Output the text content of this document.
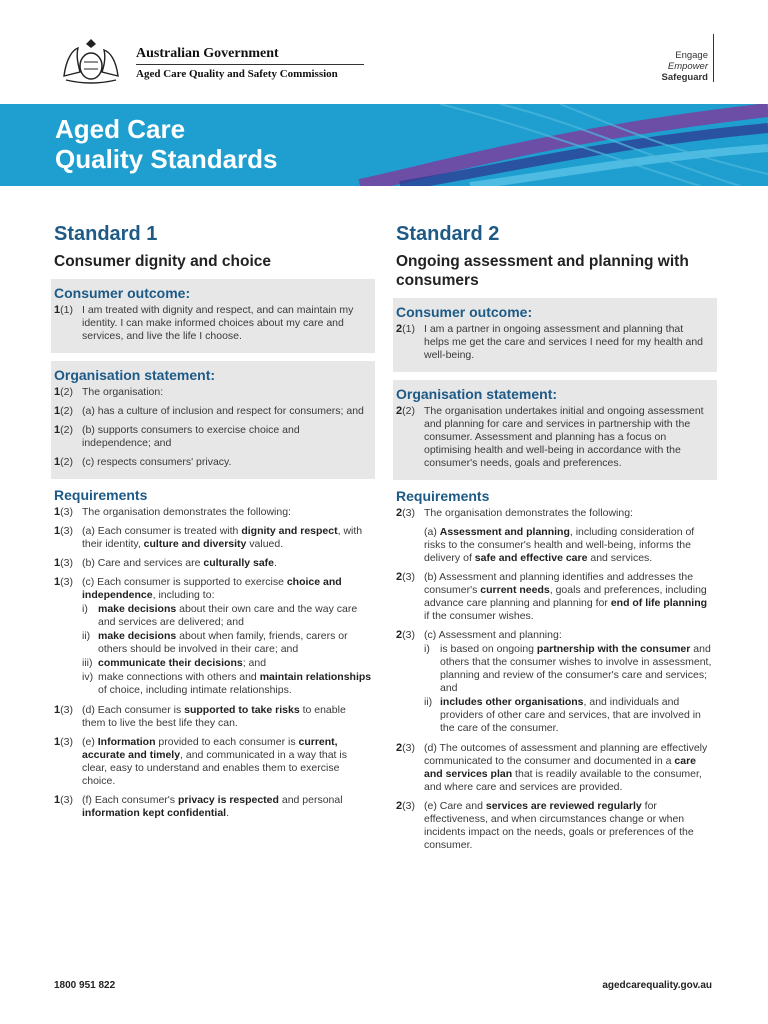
Australian Government
Aged Care Quality and Safety Commission
Engage
Empower
Safeguard
Aged Care
Quality Standards
Standard 1
Consumer dignity and choice
Consumer outcome:
1(1) I am treated with dignity and respect, and can maintain my identity. I can make informed choices about my care and services, and live the life I choose.
Organisation statement:
1(2) The organisation:
1(2) (a) has a culture of inclusion and respect for consumers; and
1(2) (b) supports consumers to exercise choice and independence; and
1(2) (c) respects consumers' privacy.
Requirements
1(3) The organisation demonstrates the following:
1(3) (a) Each consumer is treated with dignity and respect, with their identity, culture and diversity valued.
1(3) (b) Care and services are culturally safe.
1(3) (c) Each consumer is supported to exercise choice and independence, including to:
i) make decisions about their own care and the way care and services are delivered; and
ii) make decisions about when family, friends, carers or others should be involved in their care; and
iii) communicate their decisions; and
iv) make connections with others and maintain relationships of choice, including intimate relationships.
1(3) (d) Each consumer is supported to take risks to enable them to live the best life they can.
1(3) (e) Information provided to each consumer is current, accurate and timely, and communicated in a way that is clear, easy to understand and enables them to exercise choice.
1(3) (f) Each consumer's privacy is respected and personal information kept confidential.
Standard 2
Ongoing assessment and planning with consumers
Consumer outcome:
2(1) I am a partner in ongoing assessment and planning that helps me get the care and services I need for my health and well-being.
Organisation statement:
2(2) The organisation undertakes initial and ongoing assessment and planning for care and services in partnership with the consumer. Assessment and planning has a focus on optimising health and well-being in accordance with the consumer's needs, goals and preferences.
Requirements
2(3) The organisation demonstrates the following:
(a) Assessment and planning, including consideration of risks to the consumer's health and well-being, informs the delivery of safe and effective care and services.
2(3) (b) Assessment and planning identifies and addresses the consumer's current needs, goals and preferences, including advance care planning and planning for end of life planning if the consumer wishes.
2(3) (c) Assessment and planning:
i) is based on ongoing partnership with the consumer and others that the consumer wishes to involve in assessment, planning and review of the consumer's care and services; and
ii) includes other organisations, and individuals and providers of other care and services, that are involved in the care of the consumer.
2(3) (d) The outcomes of assessment and planning are effectively communicated to the consumer and documented in a care and services plan that is readily available to the consumer, and where care and services are provided.
2(3) (e) Care and services are reviewed regularly for effectiveness, and when circumstances change or when incidents impact on the needs, goals or preferences of the consumer.
1800 951 822	agedcarequality.gov.au
